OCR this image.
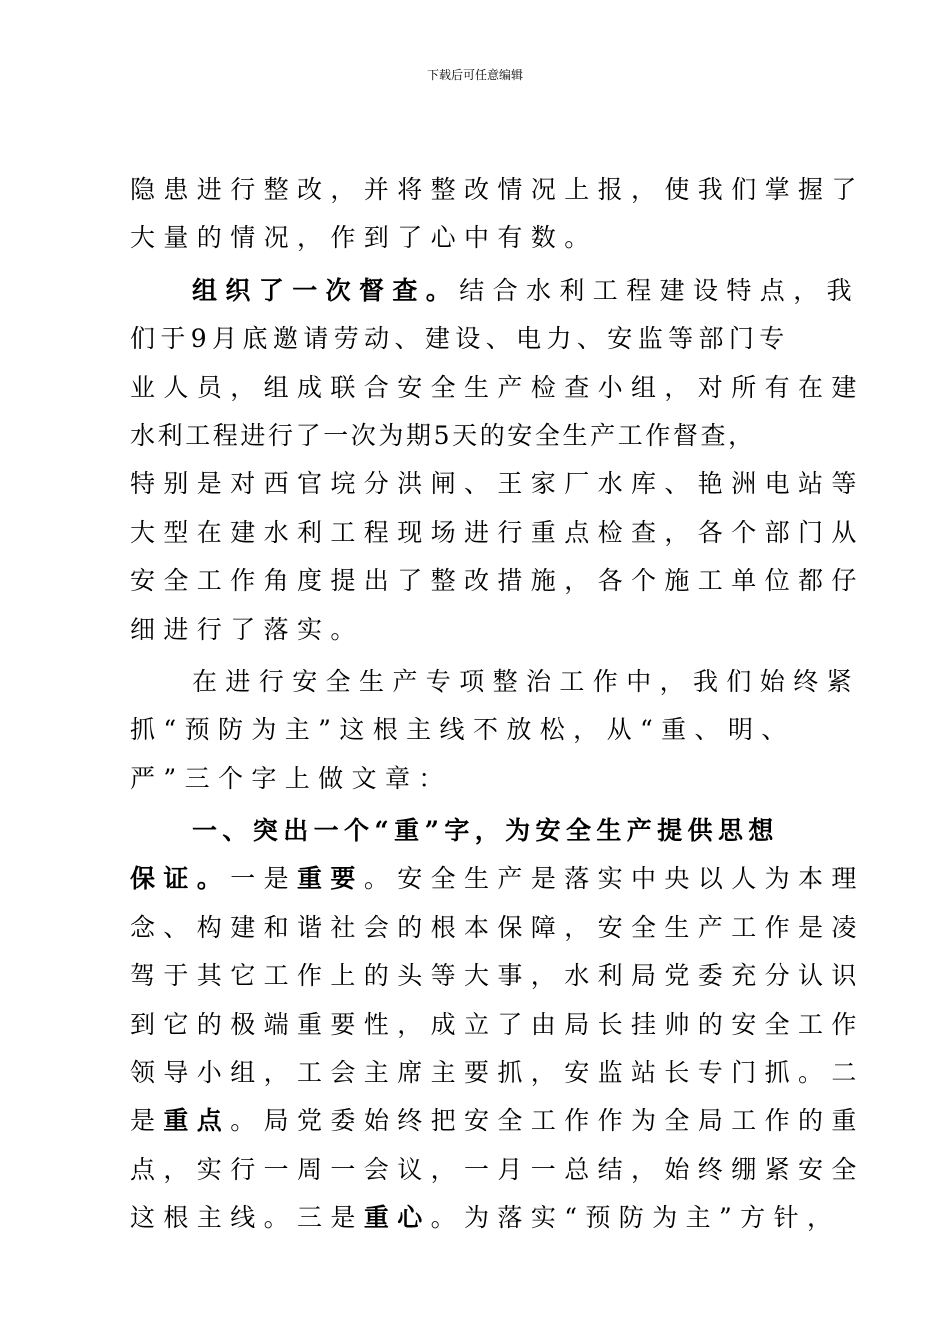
下载后可任意编辑
隐患进行整改，并将整改情况上报，使我们掌握了
大量的情况，作到了心中有数。
组织了一次督查。结合水利工程建设特点，我
们于9月底邀请劳动、建设、电力、安监等部门专
业人员，组成联合安全生产检查小组，对所有在建
水利工程进行了一次为期5天的安全生产工作督查，
特别是对西官垸分洪闸、王家厂水库、艳洲电站等
大型在建水利工程现场进行重点检查，各个部门从
安全工作角度提出了整改措施，各个施工单位都仔
细进行了落实。
在进行安全生产专项整治工作中，我们始终紧
抓“预防为主”这根主线不放松，从“重、明、
严”三个字上做文章：
一、突出一个“重”字，为安全生产提供思想
保证。一是重要。安全生产是落实中央以人为本理
念、构建和谐社会的根本保障，安全生产工作是凌
驾于其它工作上的头等大事，水利局党委充分认识
到它的极端重要性，成立了由局长挂帅的安全工作
领导小组，工会主席主要抓，安监站长专门抓。二
是重点。局党委始终把安全工作作为全局工作的重
点，实行一周一会议，一月一总结，始终绷紧安全
这根主线。三是重心。为落实“预防为主”方针，
